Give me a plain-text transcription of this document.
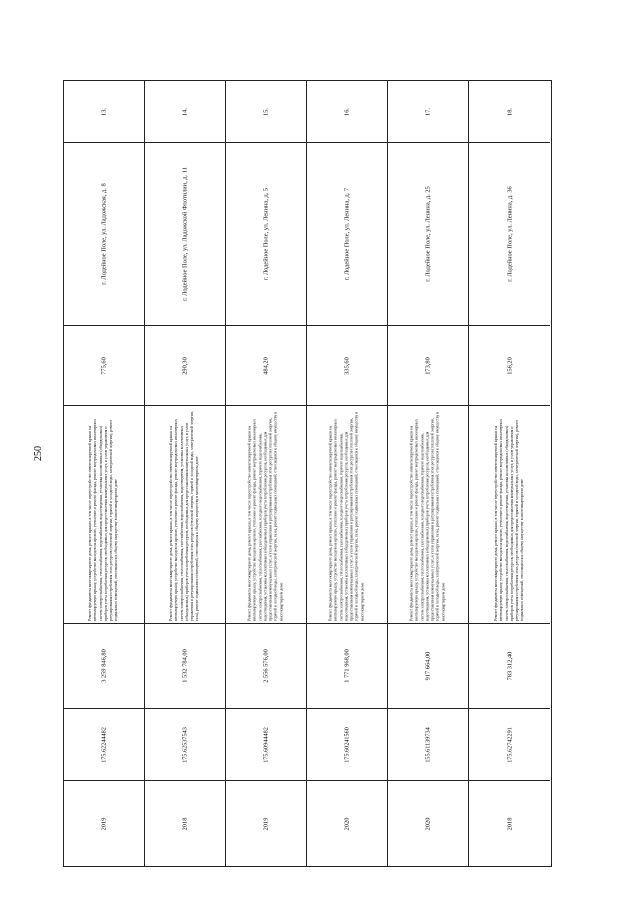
250
13.
г. Лодейное Поле, ул. Ладожская, д. 8
775,60

Ремонт фундамента многоквартирного дома, ремонт крыши, в том числе переустройство невентилируемой крыши на вентилируемую крышу, устройство выходов на кровлю, утепление и ремонт фасада, ремонт внутридомовых инженерных систем электроснабжения, теплоснабжения, водоснабжения, водоотведения, установка коллективных (общедомовых) приборов учета потребления ресурсов, необходимых для предоставления коммунальных услуг, и узлов управления и регулирования потребления этих ресурсов (тепловой энергии, горячей и холодной воды, электрической энергии), ремонт подвальных помещений, относящихся к общему имуществу в многоквартирном доме

3 259 846,80
175.62244482
2019
14.
г. Лодейное Поле, ул. Ладожской Флотилии, д. 11
290,30

Ремонт фундамента многоквартирного дома, ремонт крыши, в том числе переустройство невентилируемой крыши на вентилируемую крышу, устройство выходов на кровлю, утепление и ремонт фасада, ремонт внутридомовых инженерных систем электроснабжения, теплоснабжения, газоснабжения, водоснабжения, водоотведения, установка коллективных (общедомовых) приборов учета потребления ресурсов, необходимых для предоставления коммунальных услуг, и узлов управления и регулирования потребления этих ресурсов (тепловой энергии, горячей и холодной воды, электрической энергии, газа), ремонт подвальных помещений, относящихся к общему имуществу в многоквартирном доме

1 532 784,00
175.62537543
2018
15.
г. Лодейное Поле, ул. Ленина, д. 5
484,20

Ремонт фундамента многоквартирного дома, ремонт крыши, в том числе переустройство невентилируемой крыши на вентилируемую крышу, устройство выходов на кровлю, утепление и ремонт фасада, ремонт внутридомовых инженерных систем электроснабжения, теплоснабжения, газоснабжения, холодного водоснабжения, горячего водоснабжения, водоотведения, установка коллективных (общедомовых) приборов учета потребления ресурсов, необходимых для предоставления коммунальных услуг, и узлов управления и регулирования потребления этих ресурсов (тепловой энергии, горячей и холодной воды, электрической энергии, газа), ремонт подвальных помещений, относящихся к общему имуществу в многоквартирном доме

2 556 576,00
175.60944482
2019
16.
г. Лодейное Поле, ул. Ленина, д. 7
335,60

Ремонт фундамента многоквартирного дома, ремонт крыши, в том числе переустройство невентилируемой крыши на вентилируемую крышу, устройство выходов на кровлю, утепление и ремонт фасада, ремонт внутридомовых инженерных систем электроснабжения, теплоснабжения, газоснабжения, холодного водоснабжения, горячего водоснабжения, водоотведения, установка коллективных (общедомовых) приборов учета потребления ресурсов, необходимых для предоставления коммунальных услуг, и узлов управления и регулирования потребления этих ресурсов (тепловой энергии, горячей и холодной воды, электрической энергии, газа), ремонт подвальных помещений, относящихся к общему имуществу в многоквартирном доме

1 771 968,00
175.60241560
2020
17.
г. Лодейное Поле, ул. Ленина, д. 25
173,80

Ремонт фундамента многоквартирного дома, ремонт крыши, в том числе переустройство невентилируемой крыши на вентилируемую крышу, устройство выходов на кровлю, утепление и ремонт фасада, ремонт внутридомовых инженерных систем электроснабжения, теплоснабжения, газоснабжения, холодного водоснабжения, горячего водоснабжения, водоотведения, установка коллективных (общедомовых) приборов учета потребления ресурсов, необходимых для предоставления коммунальных услуг, и узлов управления и регулирования потребления этих ресурсов (тепловой энергии, горячей и холодной воды, электрической энергии, газа), ремонт подвальных помещений, относящихся к общему имуществу в многоквартирном доме

917 664,00
155.61139734
2020
18.
г. Лодейное Поле, ул. Ленина, д. 36
156,20

Ремонт фундамента многоквартирного дома, ремонт крыши, в том числе переустройство невентилируемой крыши на вентилируемую крышу, устройство выходов на кровлю, утепление и ремонт фасада, ремонт внутридомовых инженерных систем электроснабжения, теплоснабжения, водоснабжения, водоотведения, установка коллективных (общедомовых) приборов учета потребления ресурсов, необходимых для предоставления коммунальных услуг, и узлов управления и регулирования потребления этих ресурсов (тепловой энергии, горячей и холодной воды, электрической энергии), ремонт подвальных помещений, относящихся к общему имуществу в многоквартирном доме

783 312,40
175.62742291
2018
